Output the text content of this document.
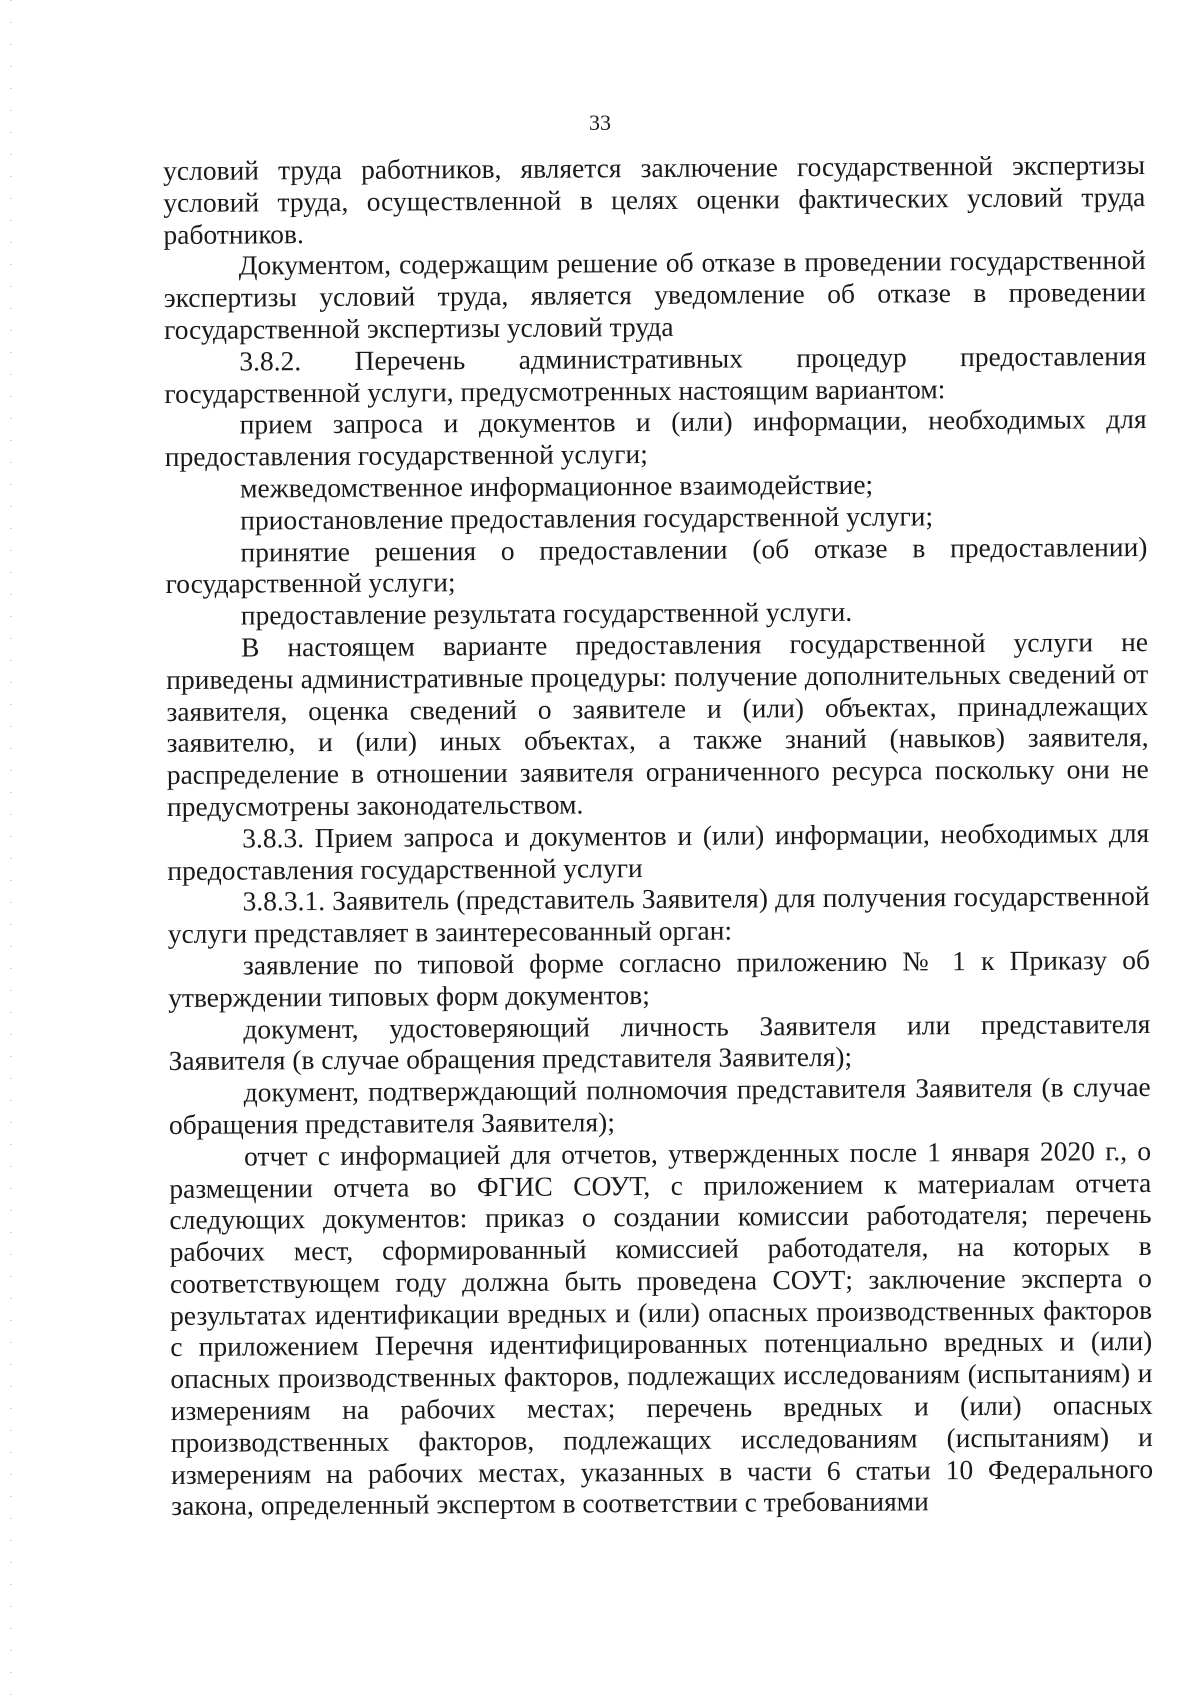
33

условий труда работников, является заключение государственной экспертизы условий труда, осуществленной в целях оценки фактических условий труда работников.

Документом, содержащим решение об отказе в проведении государственной экспертизы условий труда, является уведомление об отказе в проведении государственной экспертизы условий труда

3.8.2. Перечень административных процедур предоставления государственной услуги, предусмотренных настоящим вариантом:

прием запроса и документов и (или) информации, необходимых для предоставления государственной услуги;

межведомственное информационное взаимодействие;

приостановление предоставления государственной услуги;

принятие решения о предоставлении (об отказе в предоставлении) государственной услуги;

предоставление результата государственной услуги.

В настоящем варианте предоставления государственной услуги не приведены административные процедуры: получение дополнительных сведений от заявителя, оценка сведений о заявителе и (или) объектах, принадлежащих заявителю, и (или) иных объектах, а также знаний (навыков) заявителя, распределение в отношении заявителя ограниченного ресурса поскольку они не предусмотрены законодательством.

3.8.3. Прием запроса и документов и (или) информации, необходимых для предоставления государственной услуги

3.8.3.1. Заявитель (представитель Заявителя) для получения государственной услуги представляет в заинтересованный орган:

заявление по типовой форме согласно приложению № 1 к Приказу об утверждении типовых форм документов;

документ, удостоверяющий личность Заявителя или представителя Заявителя (в случае обращения представителя Заявителя);

документ, подтверждающий полномочия представителя Заявителя (в случае обращения представителя Заявителя);

отчет с информацией для отчетов, утвержденных после 1 января 2020 г., о размещении отчета во ФГИС СОУТ, с приложением к материалам отчета следующих документов: приказ о создании комиссии работодателя; перечень рабочих мест, сформированный комиссией работодателя, на которых в соответствующем году должна быть проведена СОУТ; заключение эксперта о результатах идентификации вредных и (или) опасных производственных факторов с приложением Перечня идентифицированных потенциально вредных и (или) опасных производственных факторов, подлежащих исследованиям (испытаниям) и измерениям на рабочих местах; перечень вредных и (или) опасных производственных факторов, подлежащих исследованиям (испытаниям) и измерениям на рабочих местах, указанных в части 6 статьи 10 Федерального закона, определенный экспертом в соответствии с требованиями
